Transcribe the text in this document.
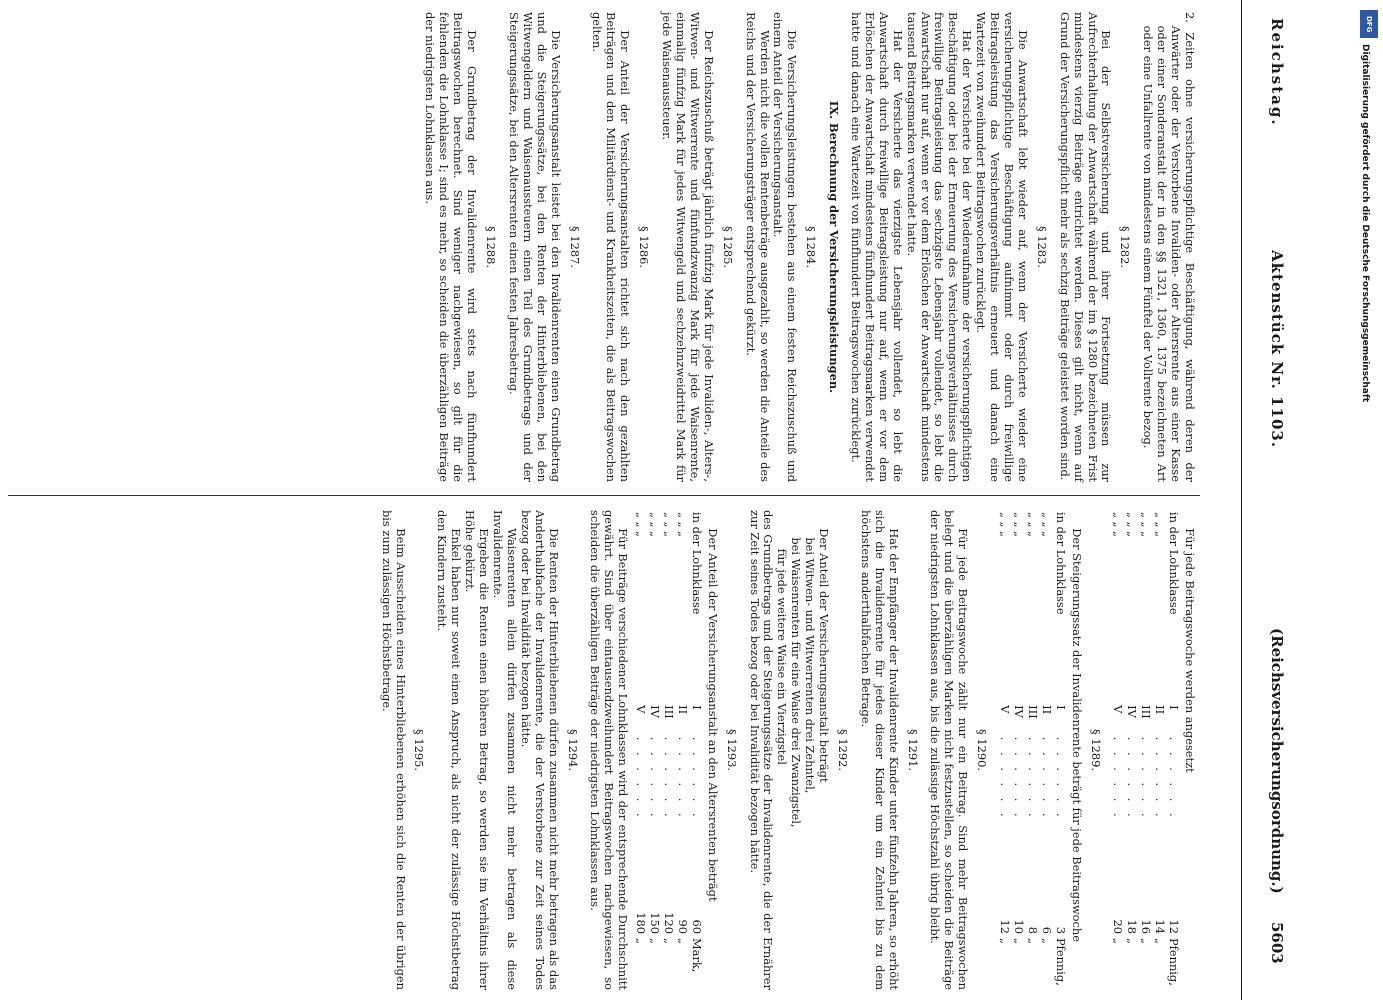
Reichstag.
Aktenstück Nr. 1103.
(Reichsversicherungsordnung.)
5603

2. Zeiten ohne versicherungspflichtige Beschäftigung, während deren der Anwärter oder der Verstorbene Invaliden- oder Altersrente aus einer Kasse oder einer Sonderanstalt der in den §§ 1321, 1360, 1375 bezeichneten Art oder eine Unfallrente von mindestens einem Fünftel der Vollrente bezog.

§ 1282.

Bei der Selbstversicherung und ihrer Fortsetzung müssen zur Aufrechterhaltung der Anwartschaft während der im § 1280 bezeichneten Frist mindestens vierzig Beiträge entrichtet werden. Dieses gilt nicht, wenn auf Grund der Versicherungspflicht mehr als sechzig Beiträge geleistet worden sind.

§ 1283.

Die Anwartschaft lebt wieder auf, wenn der Versicherte wieder eine versicherungspflichtige Beschäftigung aufnimmt oder durch freiwillige Beitragsleistung das Versicherungsverhältnis erneuert und danach eine Wartezeit von zweihundert Beitragswochen zurücklegt.

Hat der Versicherte bei der Wiederaufnahme der versicherungspflichtigen Beschäftigung oder bei der Erneuerung des Versicherungsverhältnisses durch freiwillige Beitragsleistung das sechzigste Lebensjahr vollendet, so lebt die Anwartschaft nur auf, wenn er vor dem Erlöschen der Anwartschaft mindestens tausend Beitragsmarken verwendet hatte.

Hat der Versicherte das vierzigste Lebensjahr vollendet, so lebt die Anwartschaft durch freiwillige Beitragsleistung nur auf, wenn er vor dem Erlöschen der Anwartschaft mindestens fünfhundert Beitragsmarken verwendet hatte und danach eine Wartezeit von fünfhundert Beitragswochen zurücklegt.

IX. Berechnung der Versicherungsleistungen.
§ 1284.

Die Versicherungsleistungen bestehen aus einem festen Reichszuschuß und einem Anteil der Versicherungsanstalt.

Werden nicht die vollen Rentenbeträge ausgezahlt, so werden die Anteile des Reichs und der Versicherungsträger entsprechend gekürzt.

§ 1285.

Der Reichszuschuß beträgt jährlich fünfzig Mark für jede Invaliden-, Alters-, Witwen- und Witwerrente und fünfundzwanzig Mark für jede Waisenrente, einmalig fünfzig Mark für jedes Witwengeld und sechzehnzweidrittel Mark für jede Waisenaussteuer.

§ 1286.

Der Anteil der Versicherungsanstalten richtet sich nach den gezahlten Beiträgen und den Militärdienst- und Krankheitszeiten, die als Beitragswochen gelten.

§ 1287.

Die Versicherungsanstalt leistet bei den Invalidenrenten einen Grundbetrag und die Steigerungssätze, bei den Renten der Hinterbliebenen, bei den Witwengeldern und Waisenaussteuern einen Teil des Grundbetrags und der Steigerungssätze, bei den Altersrenten einen festen Jahresbetrag.

§ 1288.

Der Grundbetrag der Invalidenrente wird stets nach fünfhundert Beitragswochen berechnet. Sind weniger nachgewiesen, so gilt für die fehlenden die Lohnklasse I; sind es mehr, so scheiden die überzähligen Beiträge der niedrigsten Lohnklassen aus.

Für jede Beitragswoche werden angesetzt

in der Lohnklasse	I	. . . . . .	12	Pfennig,
„ „ „	II	. . . . . .	14	„
„ „ „	III	. . . . . .	16	„
„ „ „	IV	. . . . . .	18	„
„ „ „	V	. . . . . .	20	„
§ 1289.

Der Steigerungssatz der Invalidenrente beträgt für jede Beitragswoche

in der Lohnklasse	I	. . . . . .	3	Pfennig,
„ „ „	II	. . . . . .	6	„
„ „ „	III	. . . . . .	8	„
„ „ „	IV	. . . . . .	10	„
„ „ „	V	. . . . . .	12	„
§ 1290.

Für jede Beitragswoche zählt nur ein Beitrag. Sind mehr Beitragswochen belegt und die überzähligen Marken nicht festzustellen, so scheiden die Beiträge der niedrigsten Lohnklassen aus, bis die zulässige Höchstzahl übrig bleibt.

§ 1291.

Hat der Empfänger der Invalidenrente Kinder unter fünfzehn Jahren, so erhöht sich die Invalidenrente für jedes dieser Kinder um ein Zehntel bis zu dem höchstens anderthalbfachen Betrage.

§ 1292.

Der Anteil der Versicherungsanstalt beträgt

bei Witwen- und Witwerrenten drei Zehntel,

bei Waisenrenten für eine Waise drei Zwanzigstel,

für jede weitere Waise ein Vierzigstel

des Grundbetrags und der Steigerungssätze der Invalidenrente, die der Ernährer zur Zeit seines Todes bezog oder bei Invalidität bezogen hätte.

§ 1293.

Der Anteil der Versicherungsanstalt an den Altersrenten beträgt

in der Lohnklasse	I	. . . . . .	60	Mark,
„ „ „	II	. . . . . .	90	„
„ „ „	III	. . . . . .	120	„
„ „ „	IV	. . . . . .	150	„
„ „ „	V	. . . . . .	180	„

Für Beiträge verschiedener Lohnklassen wird der entsprechende Durchschnitt gewährt. Sind über eintausendzweihundert Beitragswochen nachgewiesen, so scheiden die überzähligen Beiträge der niedrigsten Lohnklassen aus.

§ 1294.

Die Renten der Hinterbliebenen dürfen zusammen nicht mehr betragen als das Anderthalbfache der Invalidenrente, die der Verstorbene zur Zeit seines Todes bezog oder bei Invalidität bezogen hätte.

Waisenrenten allein dürfen zusammen nicht mehr betragen als diese Invalidenrente.

Ergeben die Renten einen höheren Betrag, so werden sie im Verhältnis ihrer Höhe gekürzt.

Enkel haben nur soweit einen Anspruch, als nicht der zulässige Höchstbetrag den Kindern zusteht.

§ 1295.

Beim Ausscheiden eines Hinterbliebenen erhöhen sich die Renten der übrigen bis zum zulässigen Höchstbetrage.

DFG
Digitalisierung gefördert durch die Deutsche Forschungsgemeinschaft
